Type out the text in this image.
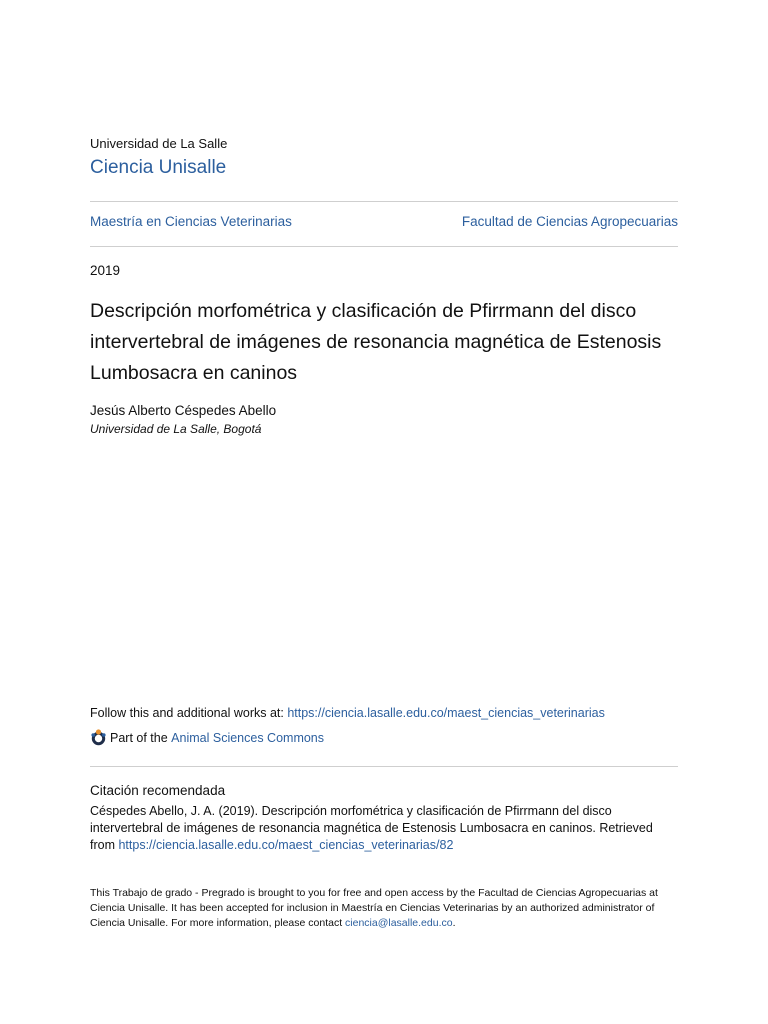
Universidad de La Salle
Ciencia Unisalle
Maestría en Ciencias Veterinarias	Facultad de Ciencias Agropecuarias
2019
Descripción morfométrica y clasificación de Pfirrmann del disco intervertebral de imágenes de resonancia magnética de Estenosis Lumbosacra en caninos
Jesús Alberto Céspedes Abello
Universidad de La Salle, Bogotá
Follow this and additional works at: https://ciencia.lasalle.edu.co/maest_ciencias_veterinarias
Part of the
Animal Sciences Commons
Citación recomendada
Céspedes Abello, J. A. (2019). Descripción morfométrica y clasificación de Pfirrmann del disco intervertebral de imágenes de resonancia magnética de Estenosis Lumbosacra en caninos. Retrieved from https://ciencia.lasalle.edu.co/maest_ciencias_veterinarias/82
This Trabajo de grado - Pregrado is brought to you for free and open access by the Facultad de Ciencias Agropecuarias at Ciencia Unisalle. It has been accepted for inclusion in Maestría en Ciencias Veterinarias by an authorized administrator of Ciencia Unisalle. For more information, please contact ciencia@lasalle.edu.co.
